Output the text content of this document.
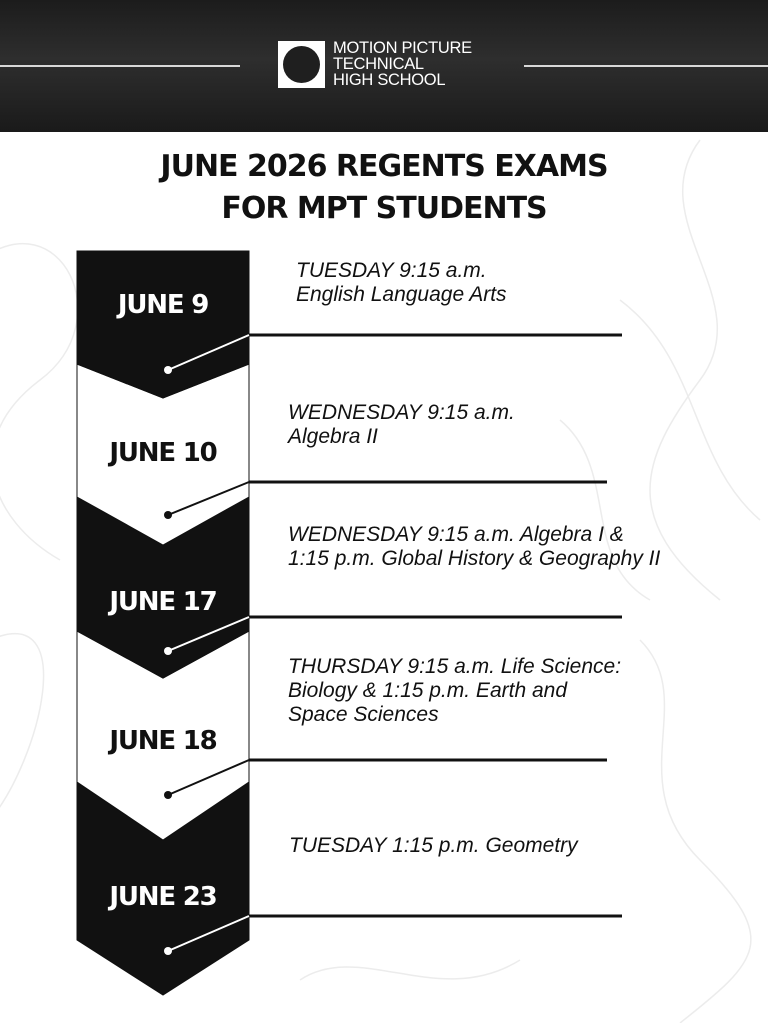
MOTION PICTURE
TECHNICAL
HIGH SCHOOL
JUNE 2026 REGENTS EXAMS
FOR MPT STUDENTS
JUNE 9
JUNE 10
JUNE 17
JUNE 18
JUNE 23
TUESDAY 9:15 a.m.
English Language Arts
WEDNESDAY 9:15 a.m.
Algebra II
WEDNESDAY 9:15 a.m. Algebra I &
1:15 p.m. Global History & Geography II
THURSDAY 9:15 a.m. Life Science:
Biology & 1:15 p.m. Earth and
Space Sciences
TUESDAY 1:15 p.m. Geometry
